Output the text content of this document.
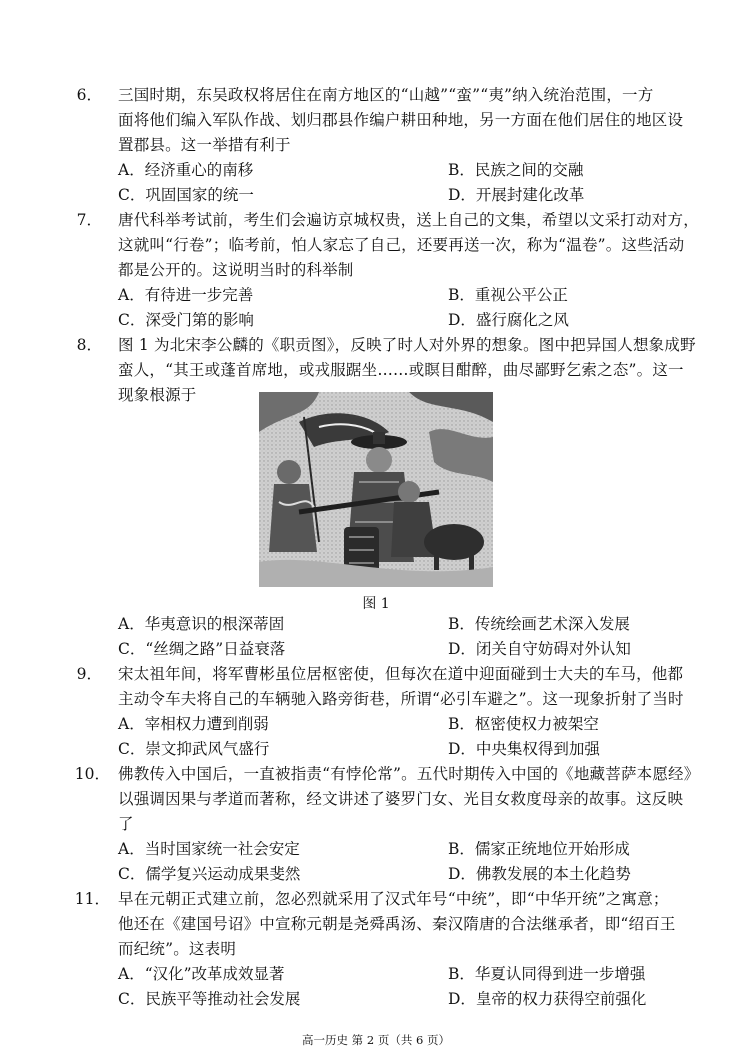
6． 三国时期，东吴政权将居住在南方地区的“山越”“蛮”“夷”纳入统治范围，一方
面将他们编入军队作战、划归郡县作编户耕田种地，另一方面在他们居住的地区设
置郡县。这一举措有利于
A．经济重心的南移	B．民族之间的交融
C．巩固国家的统一	D．开展封建化改革
7． 唐代科举考试前，考生们会遍访京城权贵，送上自己的文集，希望以文采打动对方，
这就叫“行卷”；临考前，怕人家忘了自己，还要再送一次，称为“温卷”。这些活动
都是公开的。这说明当时的科举制
A．有待进一步完善	B．重视公平公正
C．深受门第的影响	D．盛行腐化之风
8． 图 1 为北宋李公麟的《职贡图》，反映了时人对外界的想象。图中把异国人想象成野
蛮人，“其王或蓬首席地，或戎服踞坐……或瞑目酣醉，曲尽鄙野乞索之态”。这一
现象根源于
图 1
A．华夷意识的根深蒂固	B．传统绘画艺术深入发展
C．“丝绸之路”日益衰落	D．闭关自守妨碍对外认知
9． 宋太祖年间，将军曹彬虽位居枢密使，但每次在道中迎面碰到士大夫的车马，他都
主动令车夫将自己的车辆驰入路旁街巷，所谓“必引车避之”。这一现象折射了当时
A．宰相权力遭到削弱	B．枢密使权力被架空
C．崇文抑武风气盛行	D．中央集权得到加强
10． 佛教传入中国后，一直被指责“有悖伦常”。五代时期传入中国的《地藏菩萨本愿经》
以强调因果与孝道而著称，经文讲述了婆罗门女、光目女救度母亲的故事。这反映
了
A．当时国家统一社会安定	B．儒家正统地位开始形成
C．儒学复兴运动成果斐然	D．佛教发展的本土化趋势
11． 早在元朝正式建立前，忽必烈就采用了汉式年号“中统”，即“中华开统”之寓意；
他还在《建国号诏》中宣称元朝是尧舜禹汤、秦汉隋唐的合法继承者，即“绍百王
而纪统”。这表明
A．“汉化”改革成效显著	B．华夏认同得到进一步增强
C．民族平等推动社会发展	D．皇帝的权力获得空前强化
高一历史 第 2 页（共 6 页）
